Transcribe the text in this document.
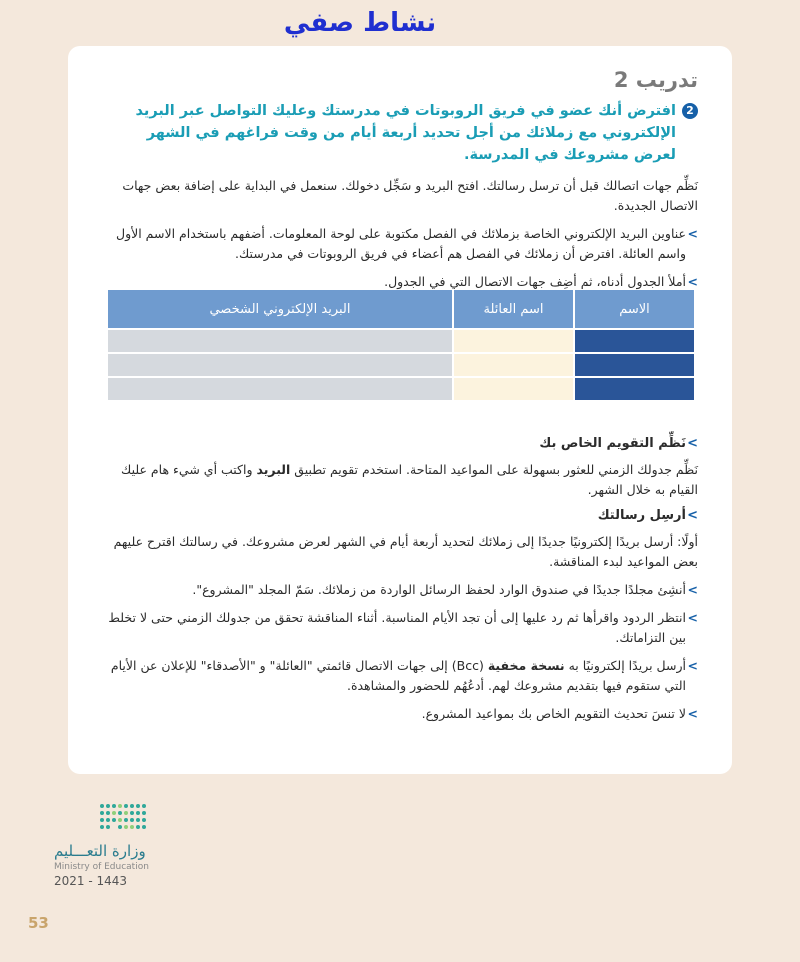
نشاط صفي
تدريب 2
2
افترض أنك عضو في فريق الروبوتات في مدرستك وعليك التواصل عبر البريد الإلكتروني مع زملائك من أجل تحديد أربعة أيام من وقت فراغهم في الشهر لعرض مشروعك في المدرسة.

نَظِّم جهات اتصالك قبل أن ترسل رسالتك. افتح البريد و سَجِّل دخولك. سنعمل في البداية على إضافة بعض جهات الاتصال الجديدة.

>
عناوين البريد الإلكتروني الخاصة بزملائك في الفصل مكتوبة على لوحة المعلومات. أضفهم باستخدام الاسم الأول واسم العائلة. افترض أن زملائك في الفصل هم أعضاء في فريق الروبوتات في مدرستك.
>
أملأ الجدول أدناه، ثم أضِف جهات الاتصال التي في الجدول.
الاسم	اسم العائلة	البريد الإلكتروني الشخصي

>
نَظِّم التقويم الخاص بك

نَظِّم جدولك الزمني للعثور بسهولة على المواعيد المتاحة. استخدم تقويم تطبيق البريد واكتب أي شيء هام عليك القيام به خلال الشهر.

>
أرسِل رسالتك

أولًا: أرسل بريدًا إلكترونيًا جديدًا إلى زملائك لتحديد أربعة أيام في الشهر لعرض مشروعك. في رسالتك اقترح عليهم بعض المواعيد لبدء المناقشة.

>
أنشِئ مجلدًا جديدًا في صندوق الوارد لحفظ الرسائل الواردة من زملائك. سَمّ المجلد "المشروع".
>
انتظر الردود واقرأها ثم رد عليها إلى أن تجد الأيام المناسبة. أثناء المناقشة تحقق من جدولك الزمني حتى لا تخلط بين التزاماتك.
>
أرسل بريدًا إلكترونيًا به نسخة مخفية (Bcc) إلى جهات الاتصال قائمتي "العائلة" و "الأصدقاء" للإعلان عن الأيام التي ستقوم فيها بتقديم مشروعك لهم. أدعُهُم للحضور والمشاهدة.
>
لا تنسَ تحديث التقويم الخاص بك بمواعيد المشروع.
وزارة التعـــليم
Ministry of Education
2021 - 1443
53
